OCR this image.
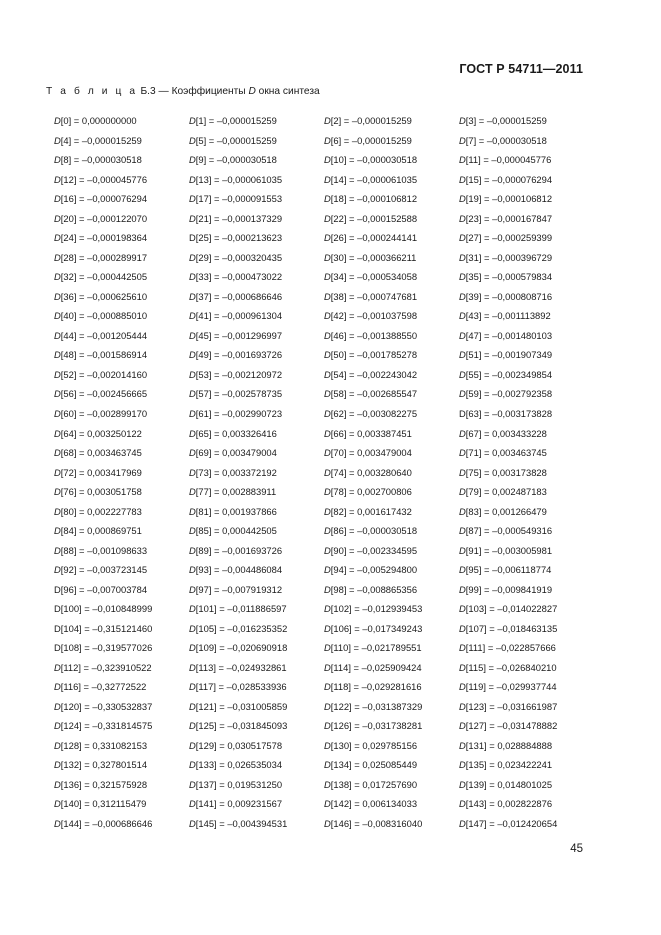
ГОСТ Р 54711—2011
Т а б л и ц а Б.3 — Коэффициенты D окна синтеза
D[0] = 0,000000000	D[1] = –0,000015259	D[2] = –0,000015259	D[3] = –0,000015259
D[4] = –0,000015259	D[5] = –0,000015259	D[6] = –0,000015259	D[7] = –0,000030518
D[8] = –0,000030518	D[9] = –0,000030518	D[10] = –0,000030518	D[11] = –0,000045776
D[12] = –0,000045776	D[13] = –0,000061035	D[14] = –0,000061035	D[15] = –0,000076294
D[16] = –0,000076294	D[17] = –0,000091553	D[18] = –0,000106812	D[19] = –0,000106812
D[20] = –0,000122070	D[21] = –0,000137329	D[22] = –0,000152588	D[23] = –0,000167847
D[24] = –0,000198364	D[25] = –0,000213623	D[26] = –0,000244141	D[27] = –0,000259399
D[28] = –0,000289917	D[29] = –0,000320435	D[30] = –0,000366211	D[31] = –0,000396729
D[32] = –0,000442505	D[33] = –0,000473022	D[34] = –0,000534058	D[35] = –0,000579834
D[36] = –0,000625610	D[37] = –0,000686646	D[38] = –0,000747681	D[39] = –0,000808716
D[40] = –0,000885010	D[41] = –0,000961304	D[42] = –0,001037598	D[43] = –0,001113892
D[44] = –0,001205444	D[45] = –0,001296997	D[46] = –0,001388550	D[47] = –0,001480103
D[48] = –0,001586914	D[49] = –0,001693726	D[50] = –0,001785278	D[51] = –0,001907349
D[52] = –0,002014160	D[53] = –0,002120972	D[54] = –0,002243042	D[55] = –0,002349854
D[56] = –0,002456665	D[57] = –0,002578735	D[58] = –0,002685547	D[59] = –0,002792358
D[60] = –0,002899170	D[61] = –0,002990723	D[62] = –0,003082275	D[63] = –0,003173828
D[64] = 0,003250122	D[65] = 0,003326416	D[66] = 0,003387451	D[67] = 0,003433228
D[68] = 0,003463745	D[69] = 0,003479004	D[70] = 0,003479004	D[71] = 0,003463745
D[72] = 0,003417969	D[73] = 0,003372192	D[74] = 0,003280640	D[75] = 0,003173828
D[76] = 0,003051758	D[77] = 0,002883911	D[78] = 0,002700806	D[79] = 0,002487183
D[80] = 0,002227783	D[81] = 0,001937866	D[82] = 0,001617432	D[83] = 0,001266479
D[84] = 0,000869751	D[85] = 0,000442505	D[86] = –0,000030518	D[87] = –0,000549316
D[88] = –0,001098633	D[89] = –0,001693726	D[90] = –0,002334595	D[91] = –0,003005981
D[92] = –0,003723145	D[93] = –0,004486084	D[94] = –0,005294800	D[95] = –0,006118774
D[96] = –0,007003784	D[97] = –0,007919312	D[98] = –0,008865356	D[99] = –0,009841919
D[100] = –0,010848999	D[101] = –0,011886597	D[102] = –0,012939453	D[103] = –0,014022827
D[104] = –0,315121460	D[105] = –0,016235352	D[106] = –0,017349243	D[107] = –0,018463135
D[108] = –0,319577026	D[109] = –0,020690918	D[110] = –0,021789551	D[111] = –0,022857666
D[112] = –0,323910522	D[113] = –0,024932861	D[114] = –0,025909424	D[115] = –0,026840210
D[116] = –0,32772522	D[117] = –0,028533936	D[118] = –0,029281616	D[119] = –0,029937744
D[120] = –0,330532837	D[121] = –0,031005859	D[122] = –0,031387329	D[123] = –0,031661987
D[124] = –0,331814575	D[125] = –0,031845093	D[126] = –0,031738281	D[127] = –0,031478882
D[128] = 0,331082153	D[129] = 0,030517578	D[130] = 0,029785156	D[131] = 0,028884888
D[132] = 0,327801514	D[133] = 0,026535034	D[134] = 0,025085449	D[135] = 0,023422241
D[136] = 0,321575928	D[137] = 0,019531250	D[138] = 0,017257690	D[139] = 0,014801025
D[140] = 0,312115479	D[141] = 0,009231567	D[142] = 0,006134033	D[143] = 0,002822876
D[144] = –0,000686646	D[145] = –0,004394531	D[146] = –0,008316040	D[147] = –0,012420654
45
